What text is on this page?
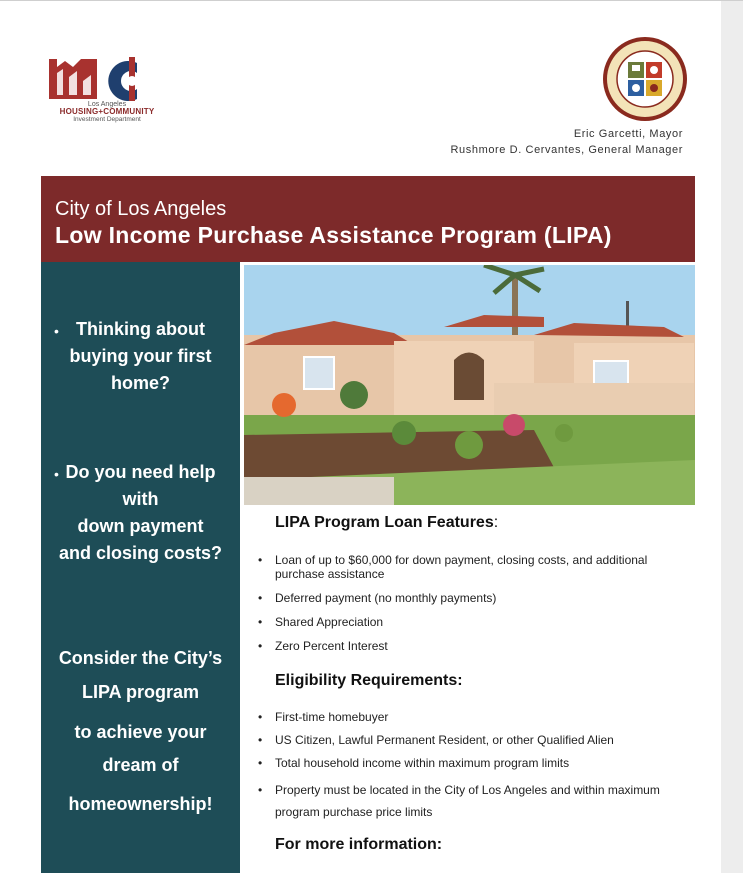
Los Angeles
HOUSING+COMMUNITY
Investment Department
Eric Garcetti, Mayor
Rushmore D. Cervantes, General Manager
City of Los Angeles
Low Income Purchase Assistance Program (LIPA)
• Thinking about
buying your first
home?
• Do you need help
with
down payment
and closing costs?
Consider the City’s
LIPA program
to achieve your
dream of
homeownership!
LIPA Program Loan Features:
• Loan of up to $60,000 for down payment, closing costs, and additional purchase assistance
• Deferred payment (no monthly payments)
• Shared Appreciation
• Zero Percent Interest
Eligibility Requirements:
• First-time homebuyer
• US Citizen, Lawful Permanent Resident, or other Qualified Alien
• Total household income within maximum program limits
• Property must be located in the City of Los Angeles and within maximum program purchase price limits
For more information:
